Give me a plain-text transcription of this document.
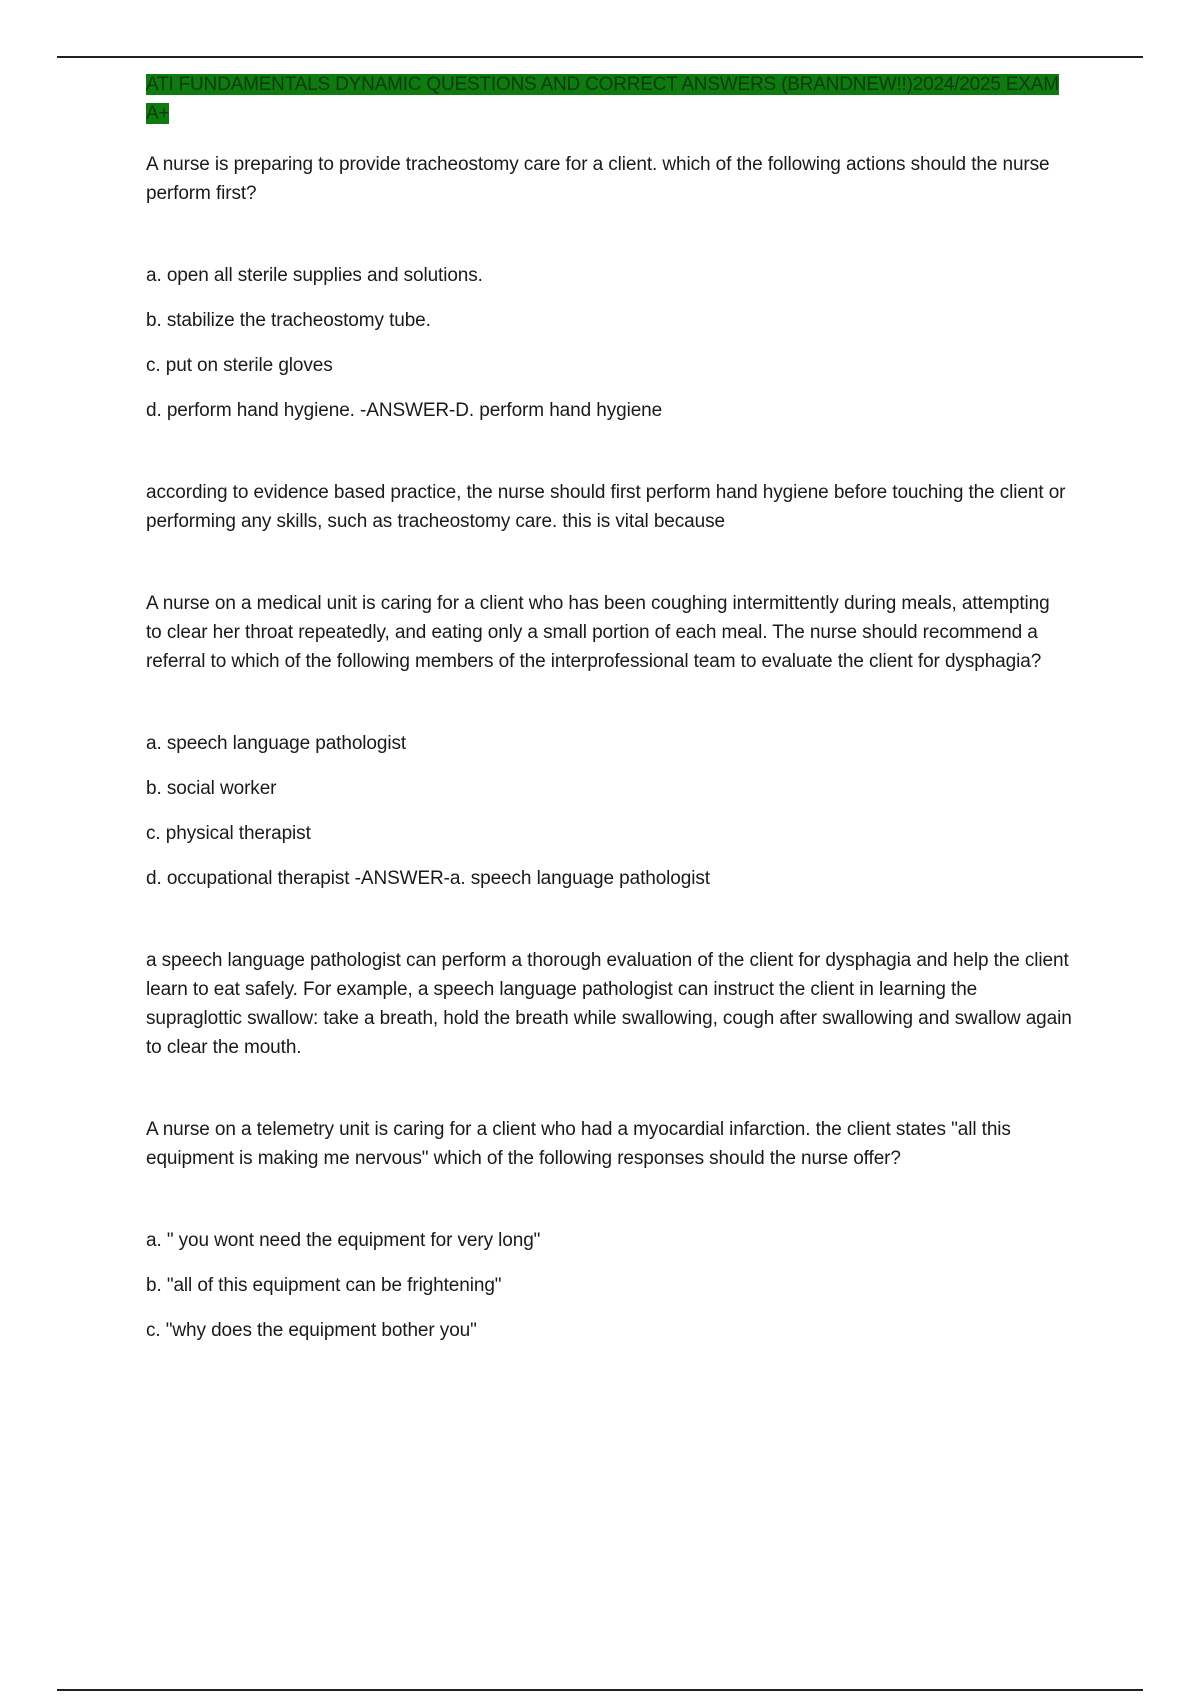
ATI FUNDAMENTALS DYNAMIC QUESTIONS AND CORRECT ANSWERS (BRANDNEW!!)2024/2025 EXAM A+

A nurse is preparing to provide tracheostomy care for a client. which of the following actions should the nurse perform first?

a. open all sterile supplies and solutions.

b. stabilize the tracheostomy tube.

c. put on sterile gloves

d. perform hand hygiene. -ANSWER-D. perform hand hygiene

according to evidence based practice, the nurse should first perform hand hygiene before touching the client or performing any skills, such as tracheostomy care. this is vital because

A nurse on a medical unit is caring for a client who has been coughing intermittently during meals, attempting to clear her throat repeatedly, and eating only a small portion of each meal. The nurse should recommend a referral to which of the following members of the interprofessional team to evaluate the client for dysphagia?

a. speech language pathologist

b. social worker

c. physical therapist

d. occupational therapist -ANSWER-a. speech language pathologist

a speech language pathologist can perform a thorough evaluation of the client for dysphagia and help the client learn to eat safely. For example, a speech language pathologist can instruct the client in learning the supraglottic swallow: take a breath, hold the breath while swallowing, cough after swallowing and swallow again to clear the mouth.

A nurse on a telemetry unit is caring for a client who had a myocardial infarction. the client states "all this equipment is making me nervous" which of the following responses should the nurse offer?

a. " you wont need the equipment for very long"

b. "all of this equipment can be frightening"

c. "why does the equipment bother you"
